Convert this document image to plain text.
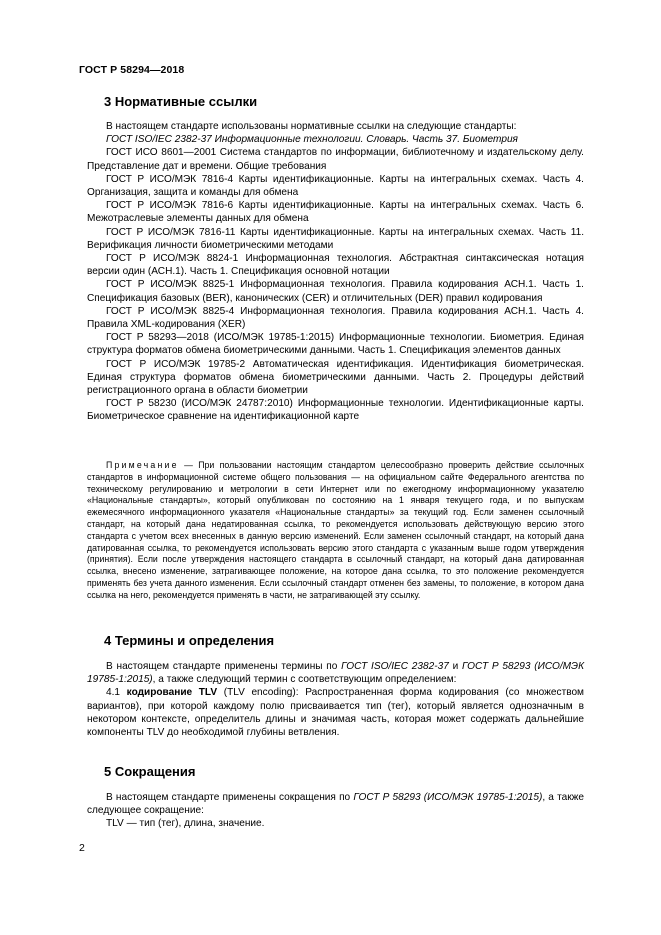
ГОСТ Р 58294—2018
3 Нормативные ссылки

В настоящем стандарте использованы нормативные ссылки на следующие стандарты:

ГОСТ ISO/IEC 2382-37 Информационные технологии. Словарь. Часть 37. Биометрия

ГОСТ ИСО 8601—2001 Система стандартов по информации, библиотечному и издательскому делу. Представление дат и времени. Общие требования

ГОСТ Р ИСО/МЭК 7816-4 Карты идентификационные. Карты на интегральных схемах. Часть 4. Организация, защита и команды для обмена

ГОСТ Р ИСО/МЭК 7816-6 Карты идентификационные. Карты на интегральных схемах. Часть 6. Межотраслевые элементы данных для обмена

ГОСТ Р ИСО/МЭК 7816-11 Карты идентификационные. Карты на интегральных схемах. Часть 11. Верификация личности биометрическими методами

ГОСТ Р ИСО/МЭК 8824-1 Информационная технология. Абстрактная синтаксическая нотация версии один (АСН.1). Часть 1. Спецификация основной нотации

ГОСТ Р ИСО/МЭК 8825-1 Информационная технология. Правила кодирования АСН.1. Часть 1. Спецификация базовых (BER), канонических (CER) и отличительных (DER) правил кодирования

ГОСТ Р ИСО/МЭК 8825-4 Информационная технология. Правила кодирования АСН.1. Часть 4. Правила XML-кодирования (XER)

ГОСТ Р 58293—2018 (ИСО/МЭК 19785-1:2015) Информационные технологии. Биометрия. Единая структура форматов обмена биометрическими данными. Часть 1. Спецификация элементов данных

ГОСТ Р ИСО/МЭК 19785-2 Автоматическая идентификация. Идентификация биометрическая. Единая структура форматов обмена биометрическими данными. Часть 2. Процедуры действий регистрационного органа в области биометрии

ГОСТ Р 58230 (ИСО/МЭК 24787:2010) Информационные технологии. Идентификационные карты. Биометрическое сравнение на идентификационной карте

Примечание — При пользовании настоящим стандартом целесообразно проверить действие ссылочных стандартов в информационной системе общего пользования — на официальном сайте Федерального агентства по техническому регулированию и метрологии в сети Интернет или по ежегодному информационному указателю «Национальные стандарты», который опубликован по состоянию на 1 января текущего года, и по выпускам ежемесячного информационного указателя «Национальные стандарты» за текущий год. Если заменен ссылочный стандарт, на который дана недатированная ссылка, то рекомендуется использовать действующую версию этого стандарта с учетом всех внесенных в данную версию изменений. Если заменен ссылочный стандарт, на который дана датированная ссылка, то рекомендуется использовать версию этого стандарта с указанным выше годом утверждения (принятия). Если после утверждения настоящего стандарта в ссылочный стандарт, на который дана датированная ссылка, внесено изменение, затрагивающее положение, на которое дана ссылка, то это положение рекомендуется применять без учета данного изменения. Если ссылочный стандарт отменен без замены, то положение, в котором дана ссылка на него, рекомендуется применять в части, не затрагивающей эту ссылку.

4 Термины и определения

В настоящем стандарте применены термины по ГОСТ ISO/IEC 2382-37 и ГОСТ Р 58293 (ИСО/МЭК 19785-1:2015), а также следующий термин с соответствующим определением:

4.1 кодирование TLV (TLV encoding): Распространенная форма кодирования (со множеством вариантов), при которой каждому полю присваивается тип (тег), который является однозначным в некотором контексте, определитель длины и значимая часть, которая может содержать дальнейшие компоненты TLV до необходимой глубины ветвления.

5 Сокращения

В настоящем стандарте применены сокращения по ГОСТ Р 58293 (ИСО/МЭК 19785-1:2015), а также следующее сокращение:

TLV — тип (тег), длина, значение.

2
